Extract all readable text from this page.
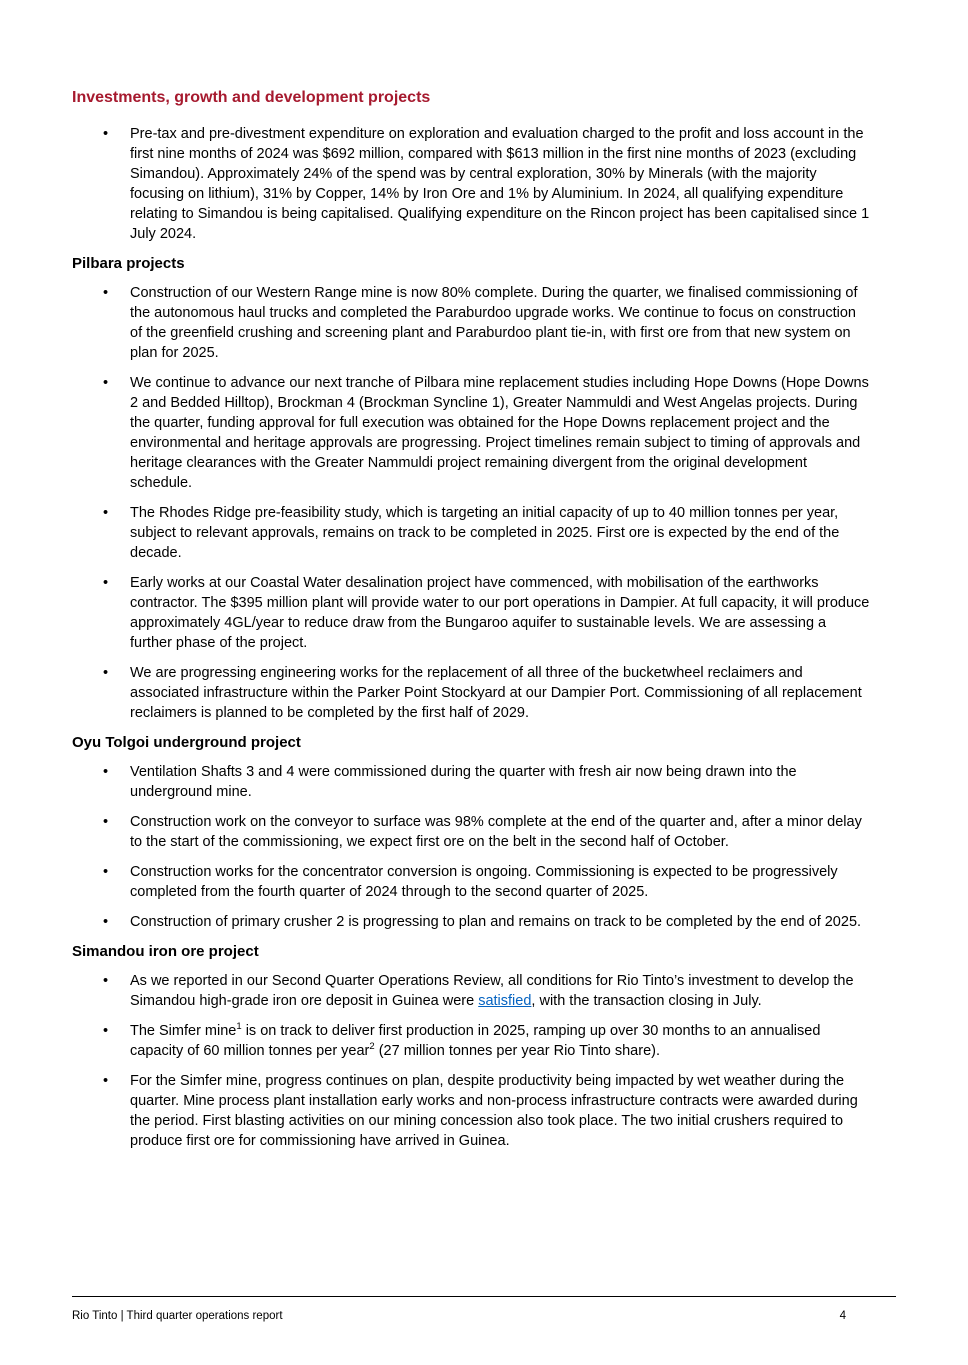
Investments, growth and development projects
• Pre-tax and pre-divestment expenditure on exploration and evaluation charged to the profit and loss account in the first nine months of 2024 was $692 million, compared with $613 million in the first nine months of 2023 (excluding Simandou). Approximately 24% of the spend was by central exploration, 30% by Minerals (with the majority focusing on lithium), 31% by Copper, 14% by Iron Ore and 1% by Aluminium. In 2024, all qualifying expenditure relating to Simandou is being capitalised. Qualifying expenditure on the Rincon project has been capitalised since 1 July 2024.
Pilbara projects
• Construction of our Western Range mine is now 80% complete. During the quarter, we finalised commissioning of the autonomous haul trucks and completed the Paraburdoo upgrade works. We continue to focus on construction of the greenfield crushing and screening plant and Paraburdoo plant tie-in, with first ore from that new system on plan for 2025.
• We continue to advance our next tranche of Pilbara mine replacement studies including Hope Downs (Hope Downs 2 and Bedded Hilltop), Brockman 4 (Brockman Syncline 1), Greater Nammuldi and West Angelas projects. During the quarter, funding approval for full execution was obtained for the Hope Downs replacement project and the environmental and heritage approvals are progressing. Project timelines remain subject to timing of approvals and heritage clearances with the Greater Nammuldi project remaining divergent from the original development schedule.
• The Rhodes Ridge pre-feasibility study, which is targeting an initial capacity of up to 40 million tonnes per year, subject to relevant approvals, remains on track to be completed in 2025. First ore is expected by the end of the decade.
• Early works at our Coastal Water desalination project have commenced, with mobilisation of the earthworks contractor. The $395 million plant will provide water to our port operations in Dampier. At full capacity, it will produce approximately 4GL/year to reduce draw from the Bungaroo aquifer to sustainable levels. We are assessing a further phase of the project.
• We are progressing engineering works for the replacement of all three of the bucketwheel reclaimers and associated infrastructure within the Parker Point Stockyard at our Dampier Port. Commissioning of all replacement reclaimers is planned to be completed by the first half of 2029.
Oyu Tolgoi underground project
• Ventilation Shafts 3 and 4 were commissioned during the quarter with fresh air now being drawn into the underground mine.
• Construction work on the conveyor to surface was 98% complete at the end of the quarter and, after a minor delay to the start of the commissioning, we expect first ore on the belt in the second half of October.
• Construction works for the concentrator conversion is ongoing. Commissioning is expected to be progressively completed from the fourth quarter of 2024 through to the second quarter of 2025.
• Construction of primary crusher 2 is progressing to plan and remains on track to be completed by the end of 2025.
Simandou iron ore project
• As we reported in our Second Quarter Operations Review, all conditions for Rio Tinto’s investment to develop the Simandou high-grade iron ore deposit in Guinea were satisfied, with the transaction closing in July.
• The Simfer mine$^1$ is on track to deliver first production in 2025, ramping up over 30 months to an annualised capacity of 60 million tonnes per year$^2$ (27 million tonnes per year Rio Tinto share).
• For the Simfer mine, progress continues on plan, despite productivity being impacted by wet weather during the quarter. Mine process plant installation early works and non-process infrastructure contracts were awarded during the period. First blasting activities on our mining concession also took place. The two initial crushers required to produce first ore for commissioning have arrived in Guinea.
Rio Tinto | Third quarter operations report	4
